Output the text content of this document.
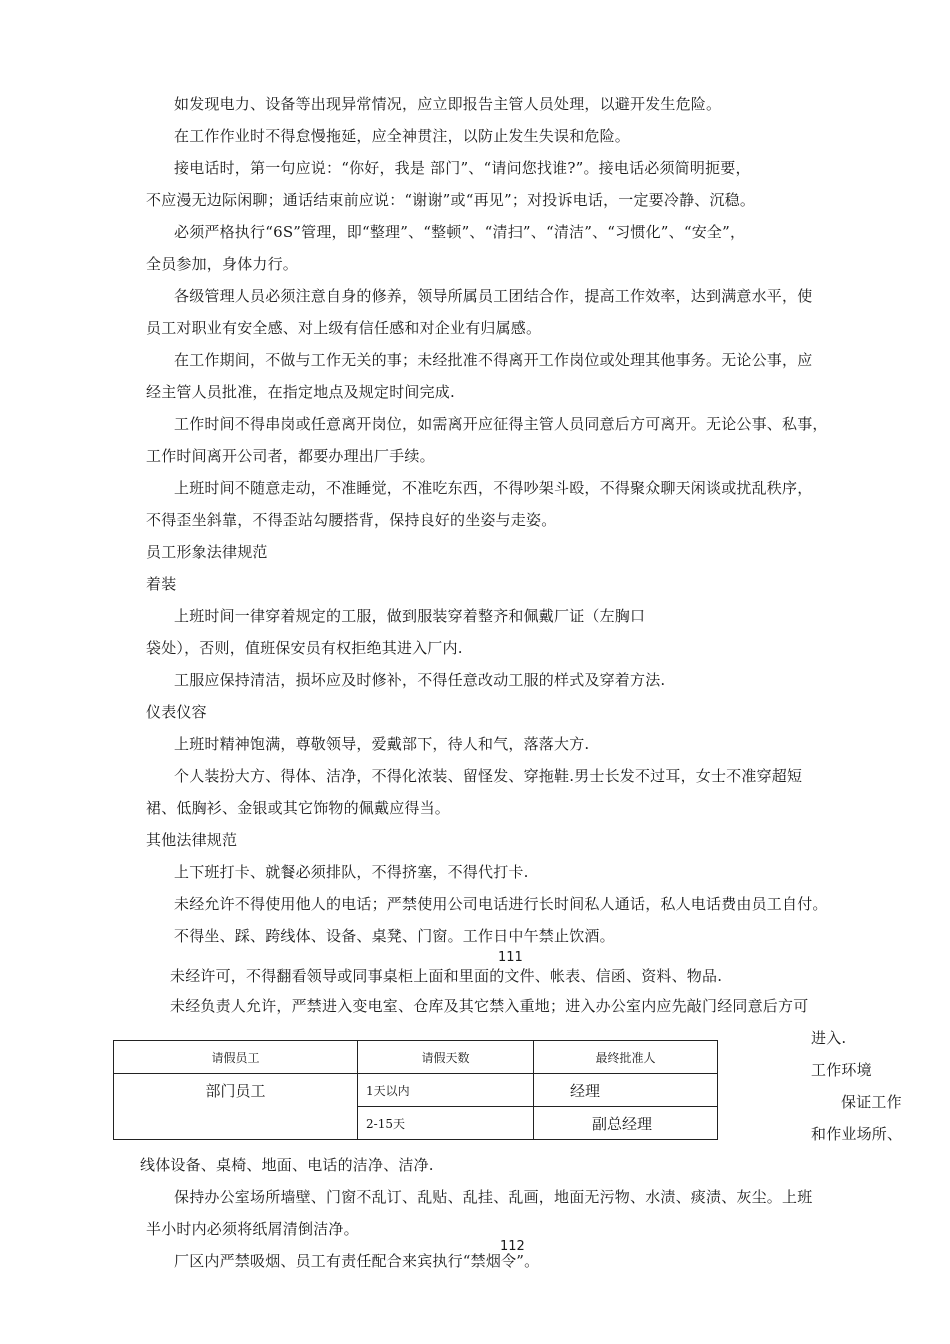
如发现电力、设备等出现异常情况，应立即报告主管人员处理，以避开发生危险。
在工作作业时不得怠慢拖延，应全神贯注，以防止发生失误和危险。
接电话时，第一句应说：“你好，我是 部门”、“请问您找谁?”。接电话必须简明扼要，
不应漫无边际闲聊；通话结束前应说：“谢谢”或“再见”；对投诉电话，一定要冷静、沉稳。
必须严格执行“6S”管理，即“整理”、“整顿”、“清扫”、“清洁”、“习惯化”、“安全”，
全员参加，身体力行。
各级管理人员必须注意自身的修养，领导所属员工团结合作，提高工作效率，达到满意水平，使
员工对职业有安全感、对上级有信任感和对企业有归属感。
在工作期间，不做与工作无关的事；未经批准不得离开工作岗位或处理其他事务。无论公事，应
经主管人员批准，在指定地点及规定时间完成.
工作时间不得串岗或任意离开岗位，如需离开应征得主管人员同意后方可离开。无论公事、私事，
工作时间离开公司者，都要办理出厂手续。
上班时间不随意走动，不准睡觉，不准吃东西，不得吵架斗殴，不得聚众聊天闲谈或扰乱秩序，
不得歪坐斜靠，不得歪站勾腰搭背，保持良好的坐姿与走姿。
员工形象法律规范
着装
上班时间一律穿着规定的工服，做到服装穿着整齐和佩戴厂证（左胸口
袋处），否则，值班保安员有权拒绝其进入厂内.
工服应保持清洁，损坏应及时修补，不得任意改动工服的样式及穿着方法.
仪表仪容
上班时精神饱满，尊敬领导，爱戴部下，待人和气，落落大方.
个人装扮大方、得体、洁净，不得化浓装、留怪发、穿拖鞋.男士长发不过耳，女士不准穿超短
裙、低胸衫、金银或其它饰物的佩戴应得当。
其他法律规范
上下班打卡、就餐必须排队，不得挤塞，不得代打卡.
未经允许不得使用他人的电话；严禁使用公司电话进行长时间私人通话，私人电话费由员工自付。
不得坐、踩、跨线体、设备、桌凳、门窗。工作日中午禁止饮酒。
111
未经许可，不得翻看领导或同事桌柜上面和里面的文件、帐表、信函、资料、物品.
未经负责人允许，严禁进入变电室、仓库及其它禁入重地；进入办公室内应先敲门经同意后方可
进入.
工作环境
保证工作
和作业场所、
请假员工	请假天数	最终批准人
部门员工	1天以内	经理
	2-15天	副总经理
线体设备、桌椅、地面、电话的洁净、洁净.
保持办公室场所墙壁、门窗不乱订、乱贴、乱挂、乱画，地面无污物、水渍、痰渍、灰尘。上班
半小时内必须将纸屑清倒洁净。
112
厂区内严禁吸烟、员工有责任配合来宾执行“禁烟令”。
